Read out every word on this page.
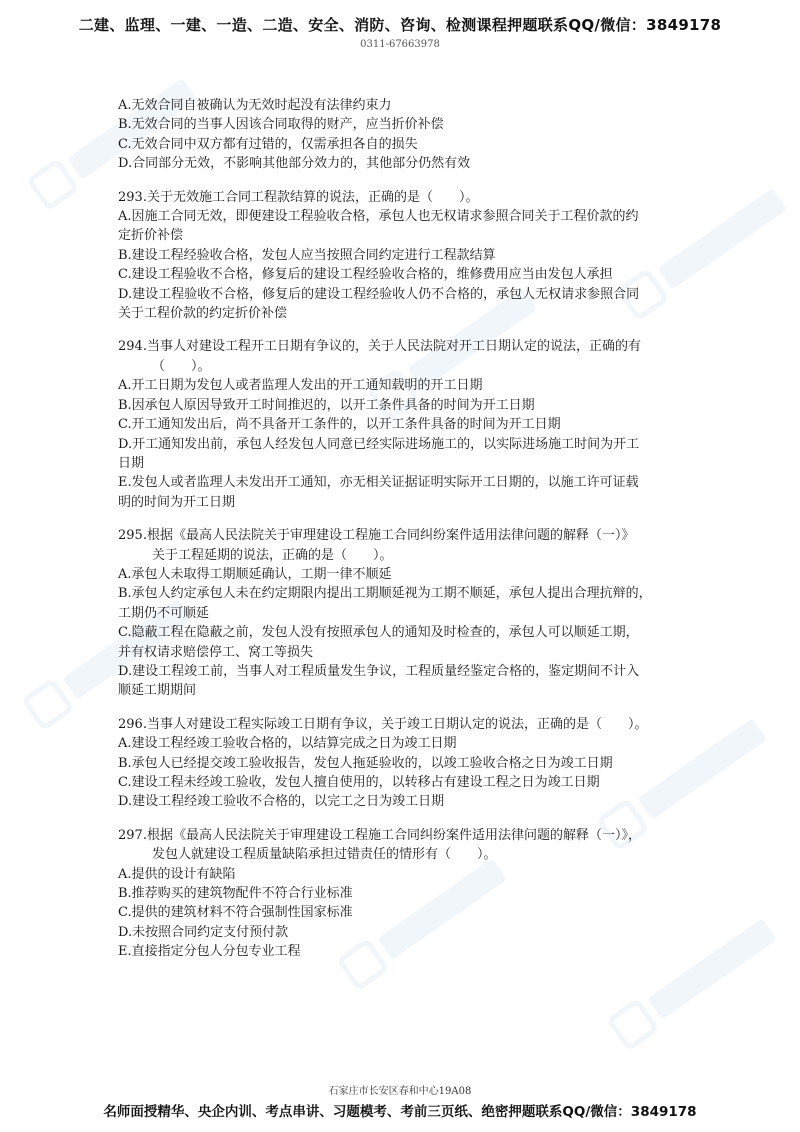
二建、监理、一建、一造、二造、安全、消防、咨询、检测课程押题联系QQ/微信：3849178
0311-67663978

A.无效合同自被确认为无效时起没有法律约束力

B.无效合同的当事人因该合同取得的财产，应当折价补偿

C.无效合同中双方都有过错的，仅需承担各自的损失

D.合同部分无效，不影响其他部分效力的，其他部分仍然有效

293.关于无效施工合同工程款结算的说法，正确的是（　　）。

A.因施工合同无效，即便建设工程验收合格，承包人也无权请求参照合同关于工程价款的约

定折价补偿

B.建设工程经验收合格，发包人应当按照合同约定进行工程款结算

C.建设工程验收不合格，修复后的建设工程经验收合格的，维修费用应当由发包人承担

D.建设工程验收不合格，修复后的建设工程经验收人仍不合格的，承包人无权请求参照合同

关于工程价款的约定折价补偿

294.当事人对建设工程开工日期有争议的，关于人民法院对开工日期认定的说法，正确的有

（　　）。

A.开工日期为发包人或者监理人发出的开工通知载明的开工日期

B.因承包人原因导致开工时间推迟的，以开工条件具备的时间为开工日期

C.开工通知发出后，尚不具备开工条件的，以开工条件具备的时间为开工日期

D.开工通知发出前，承包人经发包人同意已经实际进场施工的，以实际进场施工时间为开工

日期

E.发包人或者监理人未发出开工通知，亦无相关证据证明实际开工日期的，以施工许可证载

明的时间为开工日期

295.根据《最高人民法院关于审理建设工程施工合同纠纷案件适用法律问题的解释（一）》

关于工程延期的说法，正确的是（　　）。

A.承包人未取得工期顺延确认，工期一律不顺延

B.承包人约定承包人未在约定期限内提出工期顺延视为工期不顺延，承包人提出合理抗辩的，

工期仍不可顺延

C.隐蔽工程在隐蔽之前，发包人没有按照承包人的通知及时检查的，承包人可以顺延工期，

并有权请求赔偿停工、窝工等损失

D.建设工程竣工前，当事人对工程质量发生争议，工程质量经鉴定合格的，鉴定期间不计入

顺延工期期间

296.当事人对建设工程实际竣工日期有争议，关于竣工日期认定的说法，正确的是（　　）。

A.建设工程经竣工验收合格的，以结算完成之日为竣工日期

B.承包人已经提交竣工验收报告，发包人拖延验收的，以竣工验收合格之日为竣工日期

C.建设工程未经竣工验收，发包人擅自使用的，以转移占有建设工程之日为竣工日期

D.建设工程经竣工验收不合格的，以完工之日为竣工日期

297.根据《最高人民法院关于审理建设工程施工合同纠纷案件适用法律问题的解释（一）》，

发包人就建设工程质量缺陷承担过错责任的情形有（　　）。

A.提供的设计有缺陷

B.推荐购买的建筑物配件不符合行业标准

C.提供的建筑材料不符合强制性国家标准

D.未按照合同约定支付预付款

E.直接指定分包人分包专业工程

石家庄市长安区春和中心19A08
名师面授精华、央企内训、考点串讲、习题模考、考前三页纸、绝密押题联系QQ/微信：3849178
